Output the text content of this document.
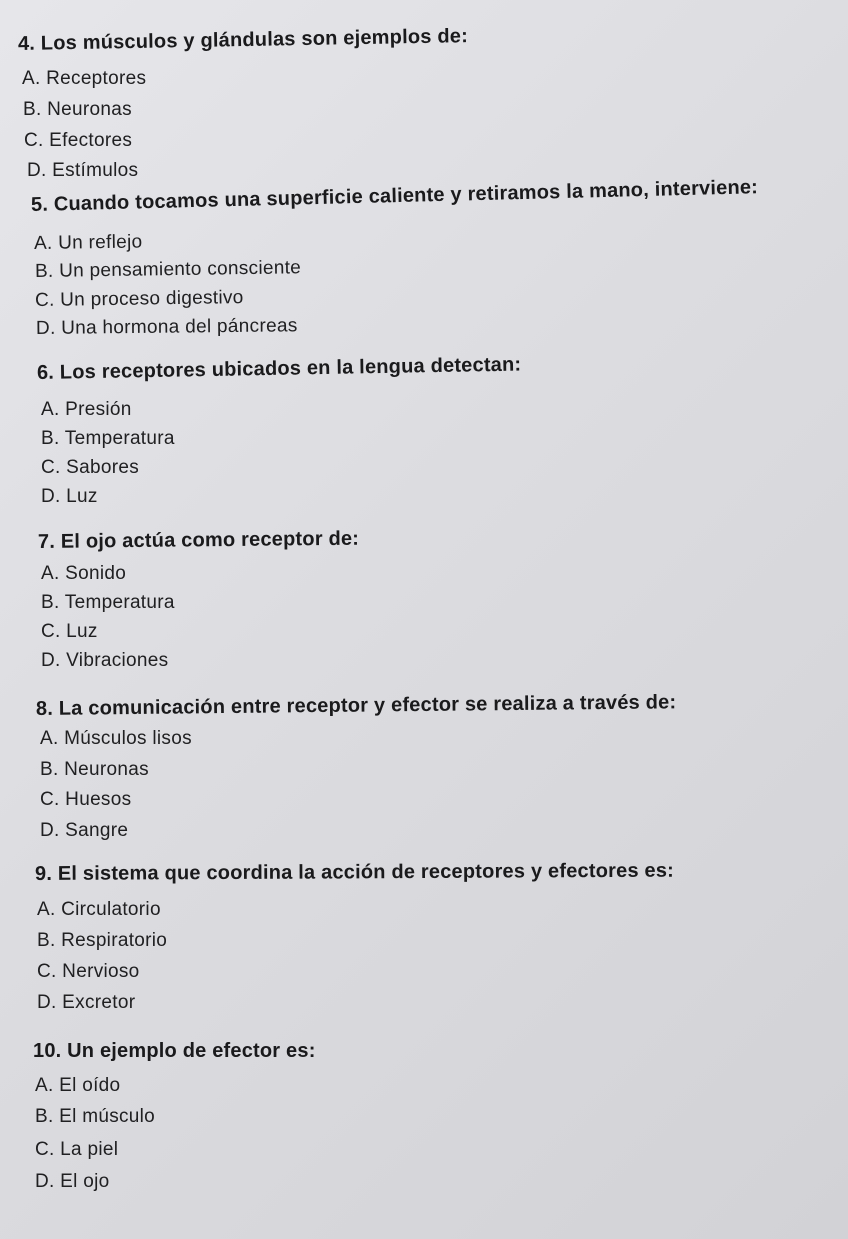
4. Los músculos y glándulas son ejemplos de:
A. Receptores
B. Neuronas
C. Efectores
D. Estímulos
5. Cuando tocamos una superficie caliente y retiramos la mano, interviene:
A. Un reflejo
B. Un pensamiento consciente
C. Un proceso digestivo
D. Una hormona del páncreas
6. Los receptores ubicados en la lengua detectan:
A. Presión
B. Temperatura
C. Sabores
D. Luz
7. El ojo actúa como receptor de:
A. Sonido
B. Temperatura
C. Luz
D. Vibraciones
8. La comunicación entre receptor y efector se realiza a través de:
A. Músculos lisos
B. Neuronas
C. Huesos
D. Sangre
9. El sistema que coordina la acción de receptores y efectores es:
A. Circulatorio
B. Respiratorio
C. Nervioso
D. Excretor
10. Un ejemplo de efector es:
A. El oído
B. El músculo
C. La piel
D. El ojo
